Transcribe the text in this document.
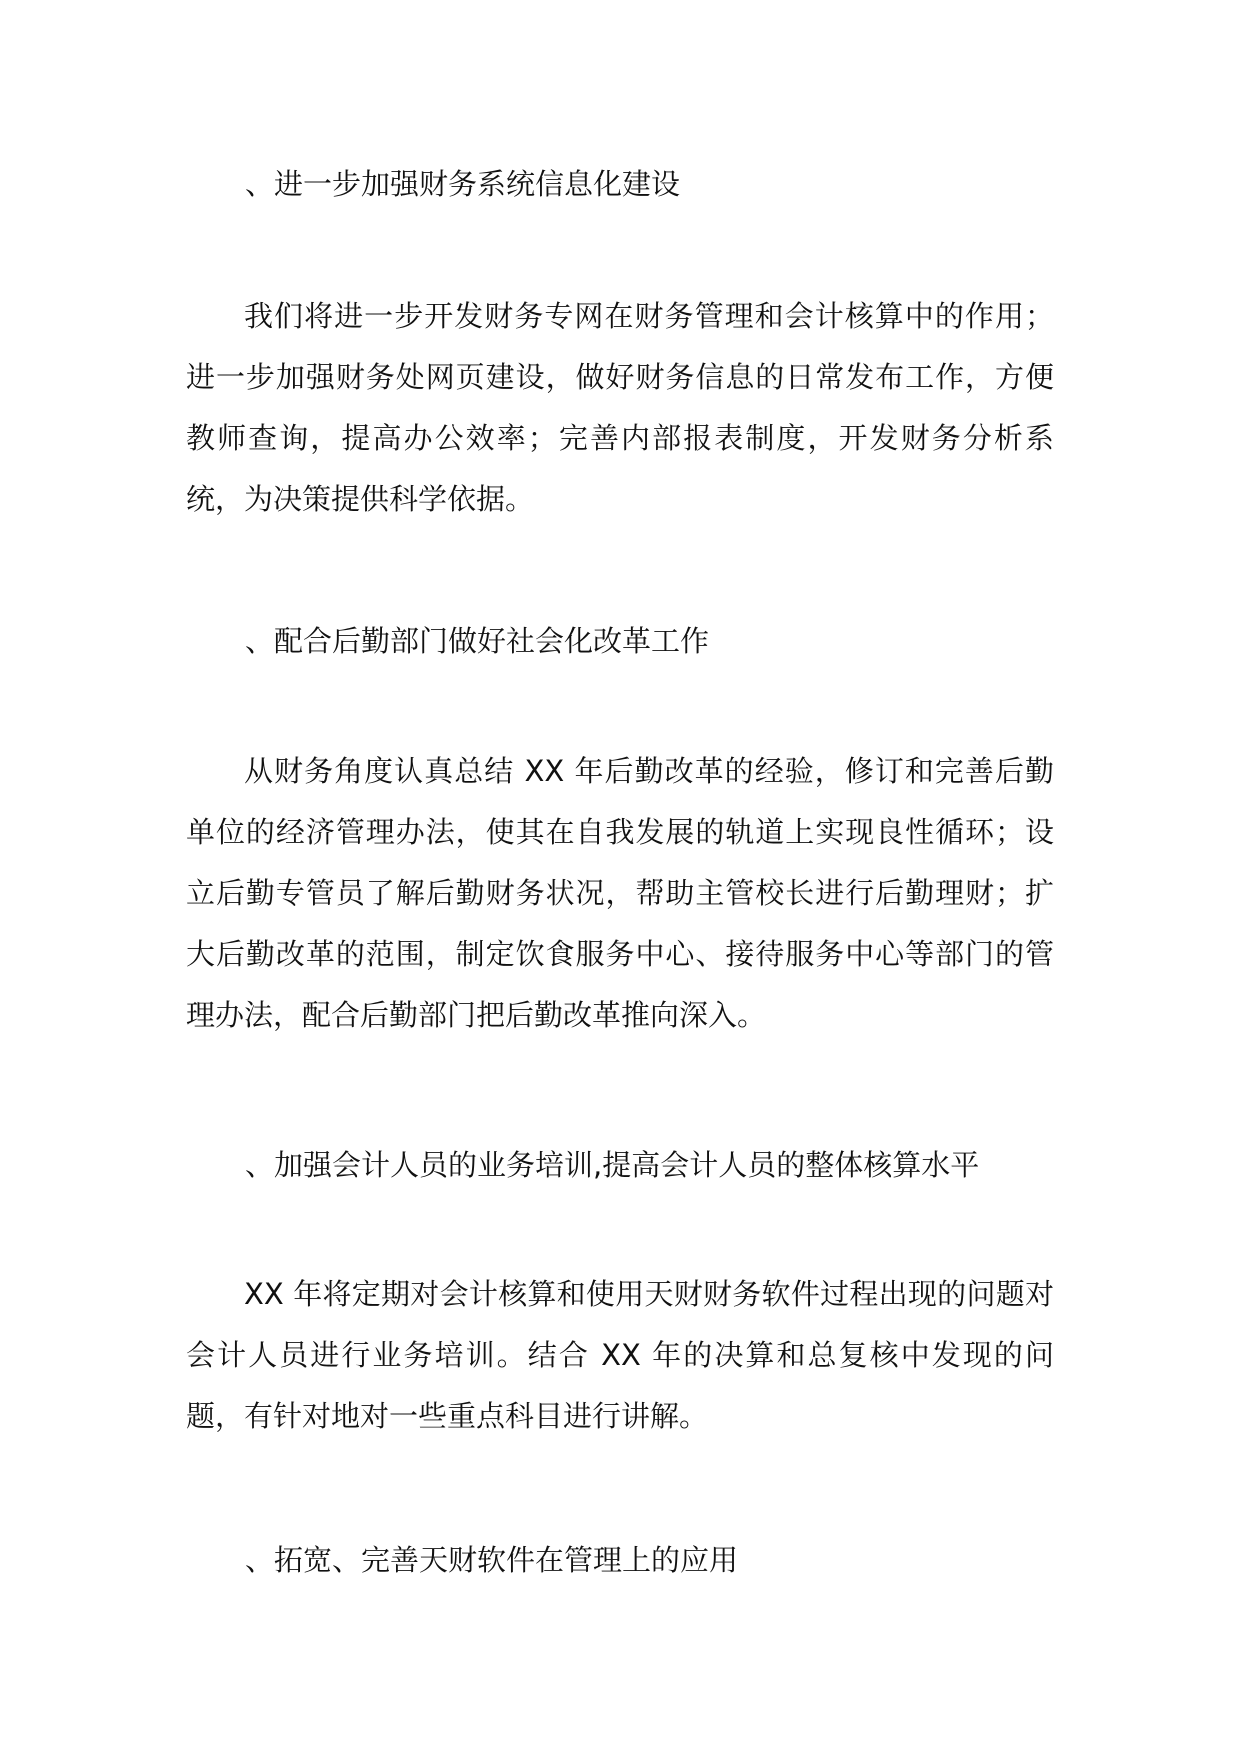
、进一步加强财务系统信息化建设
我们将进一步开发财务专网在财务管理和会计核算中的作用；进一步加强财务处网页建设，做好财务信息的日常发布工作，方便教师查询，提高办公效率；完善内部报表制度，开发财务分析系统，为决策提供科学依据。
、配合后勤部门做好社会化改革工作
从财务角度认真总结 XX 年后勤改革的经验，修订和完善后勤单位的经济管理办法，使其在自我发展的轨道上实现良性循环；设立后勤专管员了解后勤财务状况，帮助主管校长进行后勤理财；扩大后勤改革的范围，制定饮食服务中心、接待服务中心等部门的管理办法，配合后勤部门把后勤改革推向深入。
、加强会计人员的业务培训,提高会计人员的整体核算水平
XX 年将定期对会计核算和使用天财财务软件过程出现的问题对会计人员进行业务培训。结合 XX 年的决算和总复核中发现的问题，有针对地对一些重点科目进行讲解。
、拓宽、完善天财软件在管理上的应用
